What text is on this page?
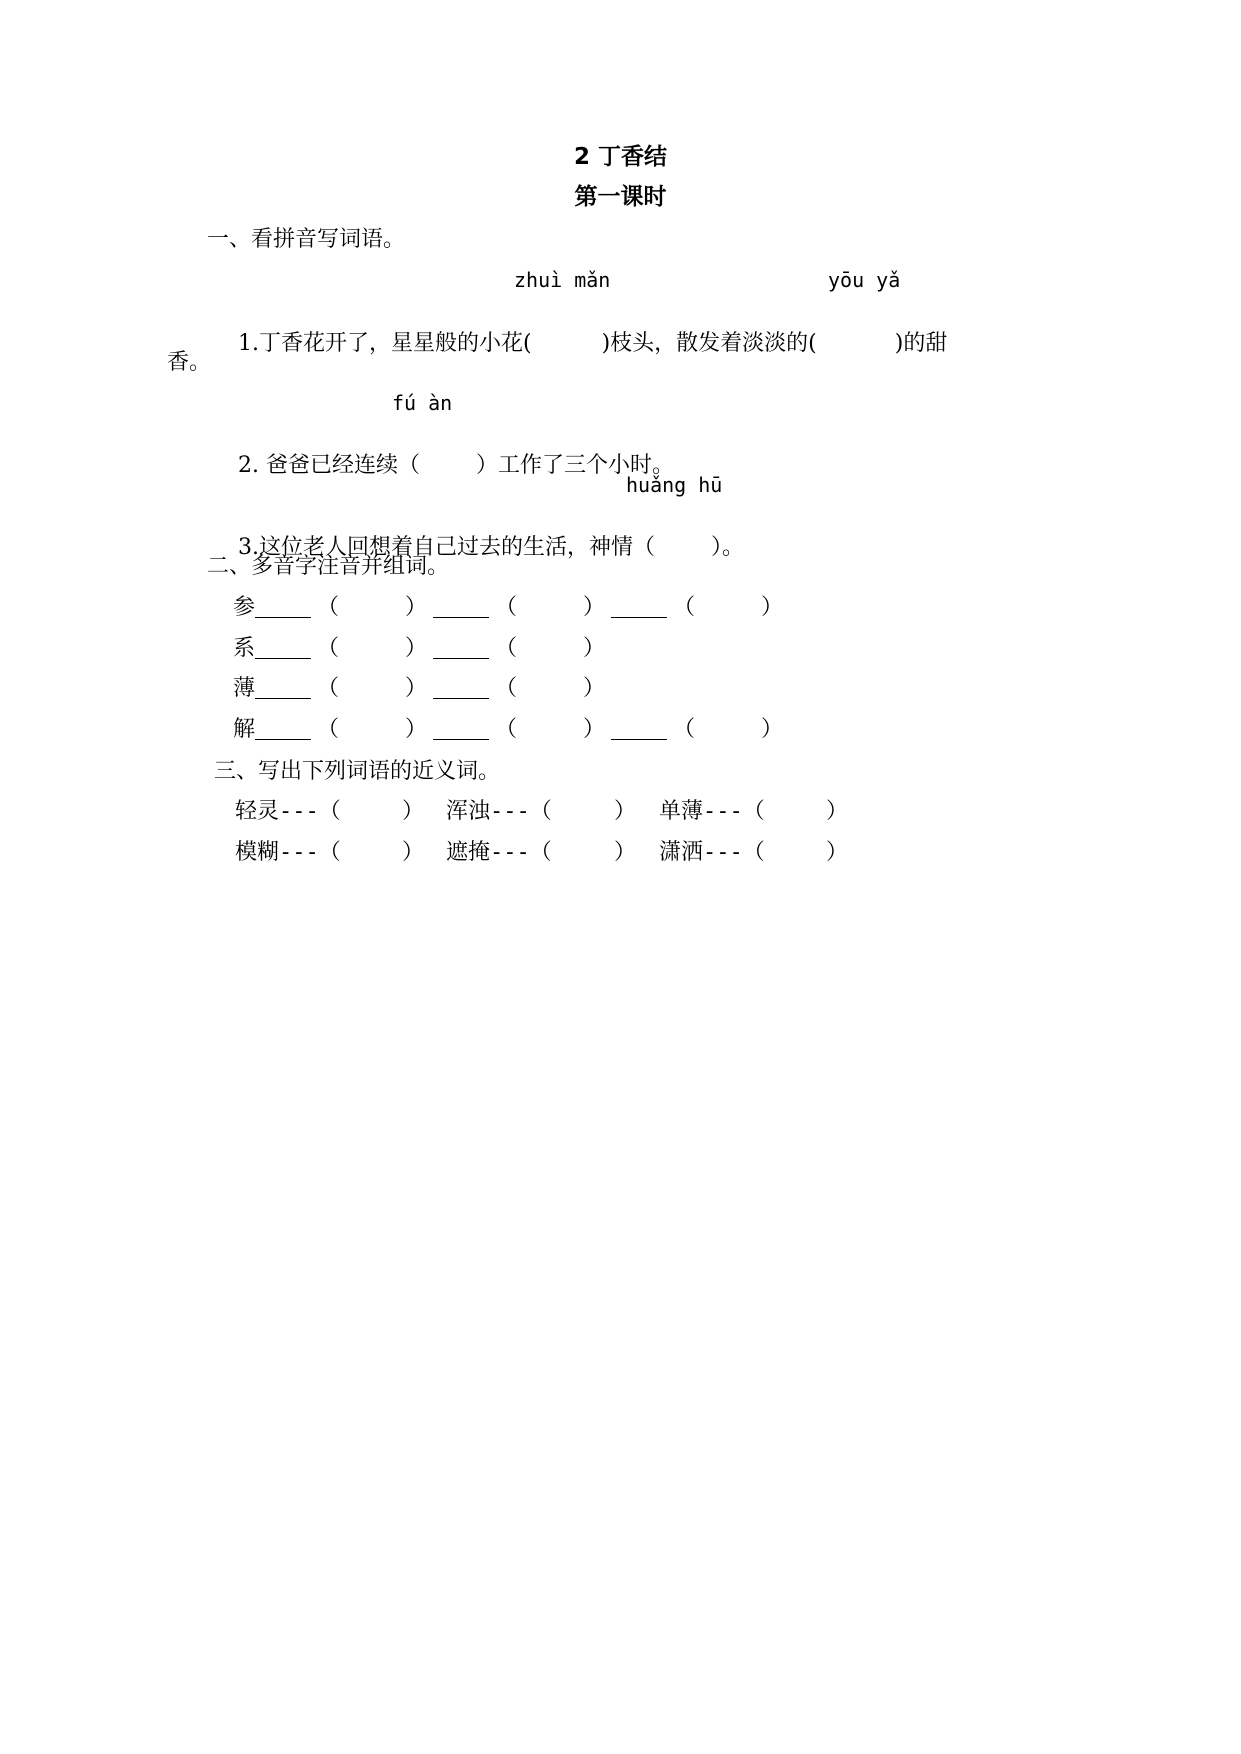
2 丁香结
第一课时
一、看拼音写词语。
zhuì mǎn	yōu yǎ

1.丁香花开了，星星般的小花(	)枝头，散发着淡淡的(	)的甜

香。
fú àn

2. 爸爸已经连续（	）工作了三个小时。

huǎng hū

3.这位老人回想着自己过去的生活，神情（	）。

二、多音字注音并组词。
参	（	）	（	）	（	）
系	（	）	（	）
薄	（	）	（	）
解	（	）	（	）	（	）
三、写出下列词语的近义词。
轻灵---（	） 浑浊---（	） 单薄---（	）
模糊---（	） 遮掩---（	） 潇洒---（	）
